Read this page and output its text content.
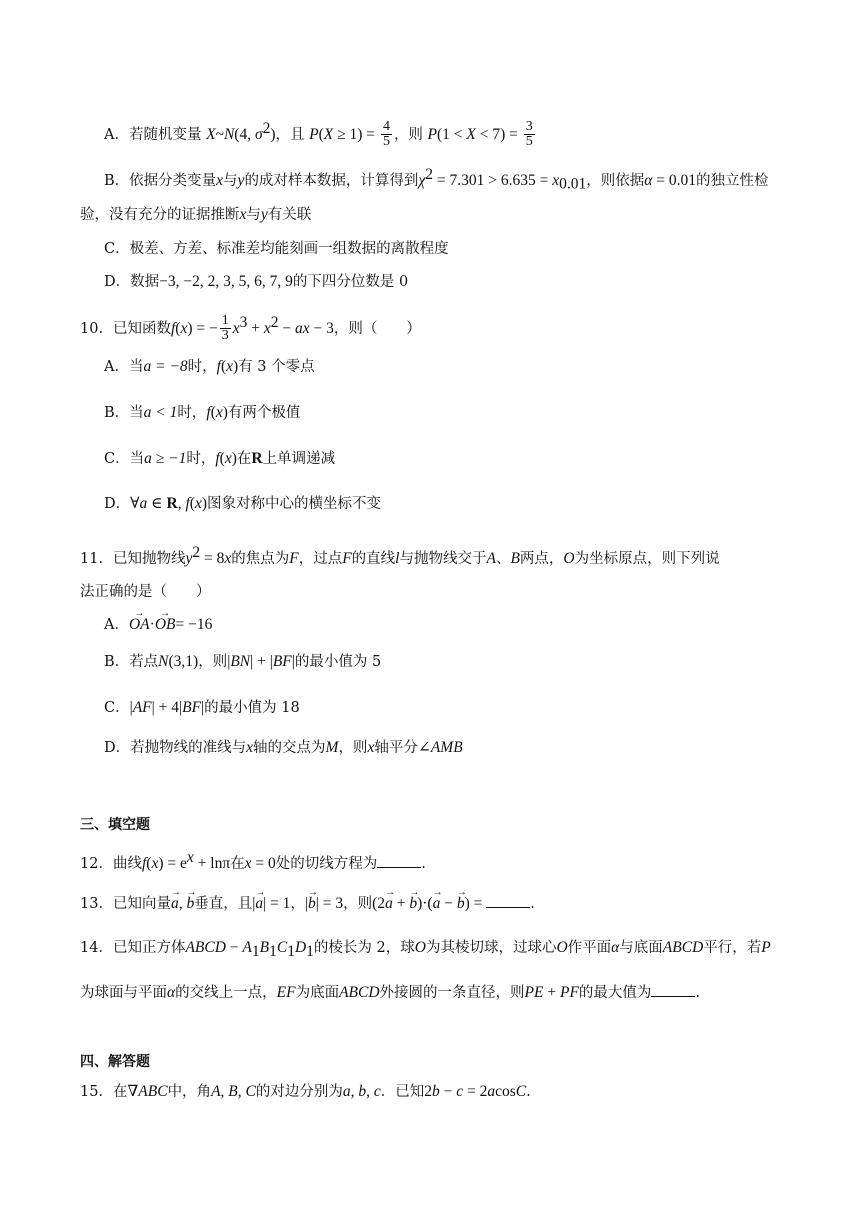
A．若随机变量 X~N(4, $\sigma^2$)，且 $P(X \ge 1) = \frac{4}{5}$ ，则 $P(1 < X < 7) = \frac{3}{5}$
B．依据分类变量x与y的成对样本数据，计算得到$\chi^2 = 7.301 > 6.635 = x_{0.01}$，则依据α = 0.01的独立性检
验，没有充分的证据推断x与y有关联
C．极差、方差、标准差均能刻画一组数据的离散程度
D．数据−3, −2, 2, 3, 5, 6, 7, 9的下四分位数是 0
10．已知函数f(x) = − $\frac{1}{3} x^3 + x^2$ − ax − 3，则（　　）
A．当a = −8时，f(x)有 3 个零点
B．当a < 1时，f(x)有两个极值
C．当a ≥ −1时，f(x)在R上单调递减
D．∀a ∈ R, f(x)图象对称中心的横坐标不变
11．已知抛物线$y^2 = 8x$的焦点为F，过点F的直线l与抛物线交于A、B两点，O为坐标原点，则下列说
法正确的是（　　）
A．→ OA·→ OB= −16
B．若点N(3,1)，则|BN| + |BF|的最小值为 5
C．|AF| + 4|BF|的最小值为 18
D．若抛物线的准线与x轴的交点为M，则x轴平分∠AMB
三、填空题
12．曲线$f(x) = e^x + \ln\pi$在x = 0处的切线方程为	.
13．已知向量→ a, → b垂直，且|→ a| = 1，|→ b| = 3，则(2→ a + → b)·(→ a − → b) =	.
14．已知正方体ABCD − $A_1B_1C_1D_1$的棱长为 2，球O为其棱切球，过球心O作平面α与底面ABCD平行，若P
为球面与平面α的交线上一点，EF为底面ABCD外接圆的一条直径，则PE + PF的最大值为	.
四、解答题
15．在∇ABC中，角A, B, C的对边分别为a, b, c．已知2b − c = 2acosC.
